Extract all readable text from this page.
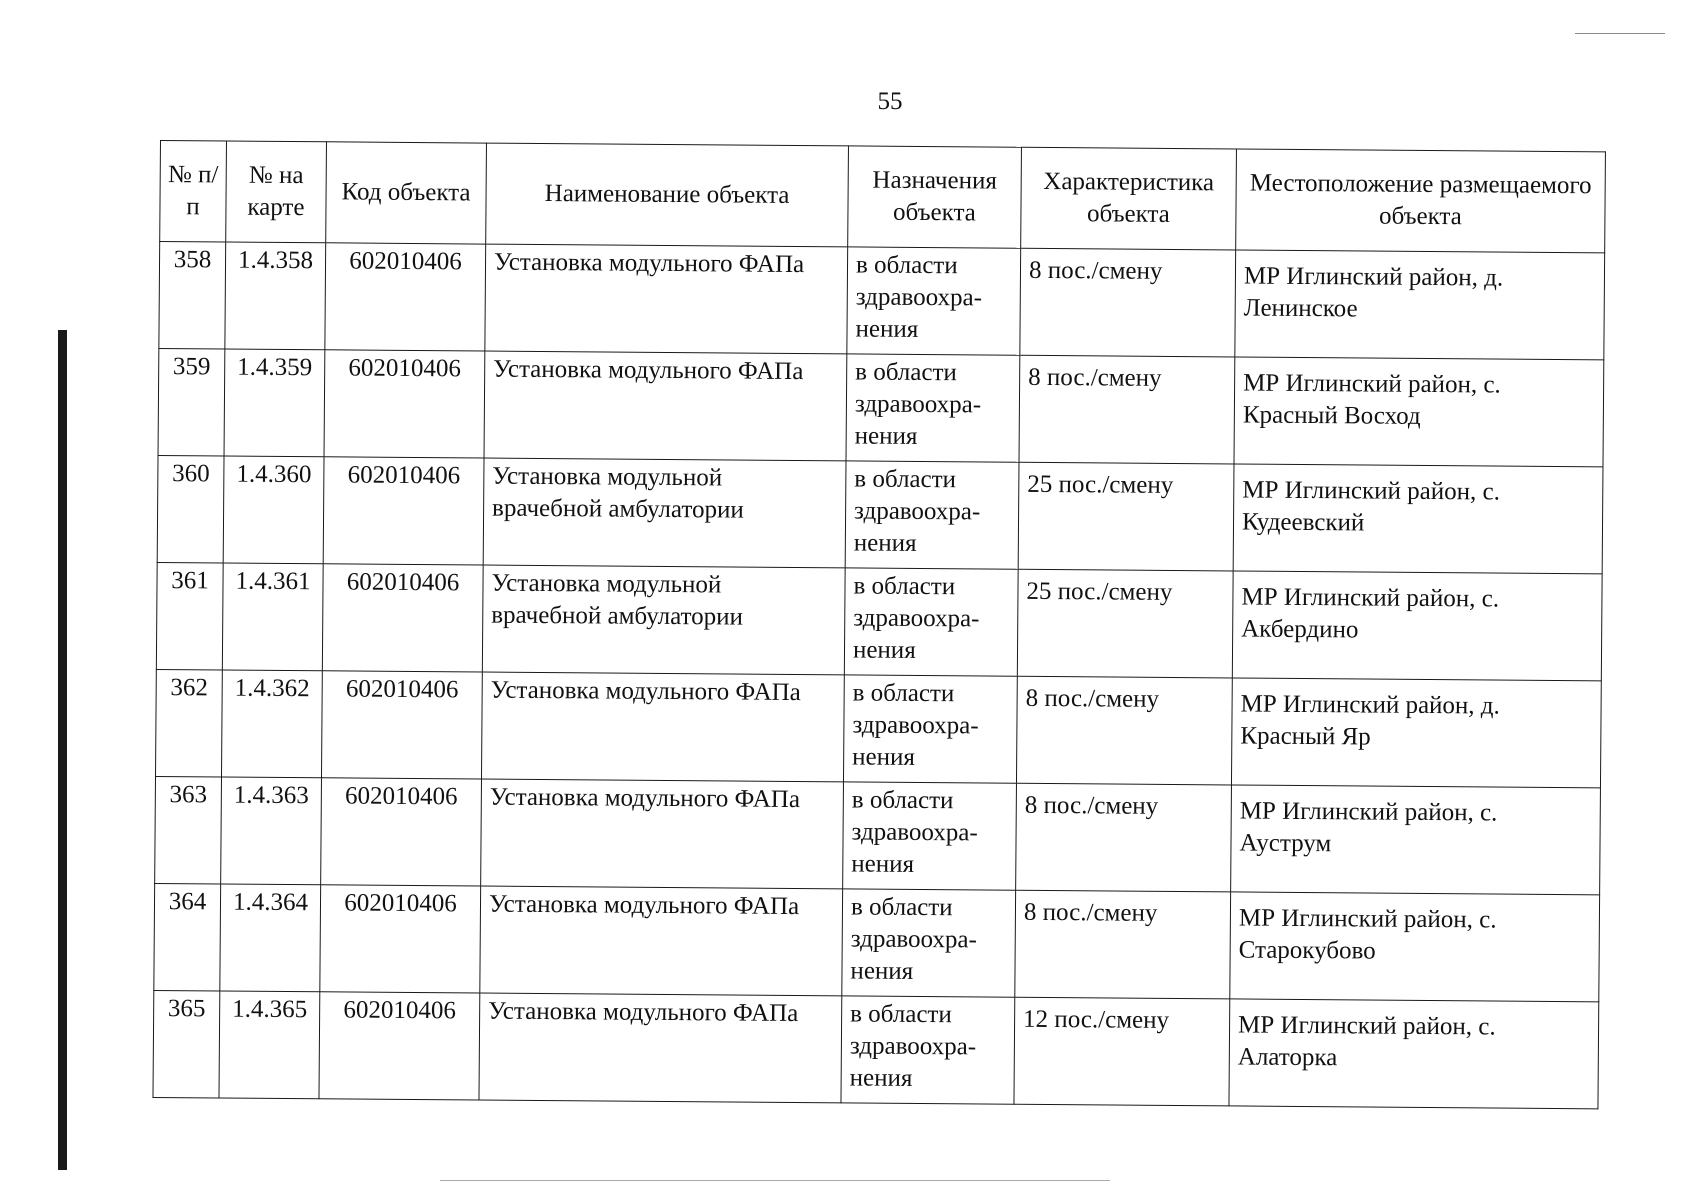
55
№ п/п	№ на карте	Код объекта	Наименование объекта	Назначения объекта	Характеристика объекта	Местоположение размещаемого объекта
358	1.4.358	602010406	Установка модульного ФАПа	в области здравоохра-нения	8 пос./смену	МР Иглинский район, д. Ленинское
359	1.4.359	602010406	Установка модульного ФАПа	в области здравоохра-нения	8 пос./смену	МР Иглинский район, с. Красный Восход
360	1.4.360	602010406	Установка модульной врачебной амбулатории	в области здравоохра-нения	25 пос./смену	МР Иглинский район, с. Кудеевский
361	1.4.361	602010406	Установка модульной врачебной амбулатории	в области здравоохра-нения	25 пос./смену	МР Иглинский район, с. Акбердино
362	1.4.362	602010406	Установка модульного ФАПа	в области здравоохра-нения	8 пос./смену	МР Иглинский район, д. Красный Яр
363	1.4.363	602010406	Установка модульного ФАПа	в области здравоохра-нения	8 пос./смену	МР Иглинский район, с. Ауструм
364	1.4.364	602010406	Установка модульного ФАПа	в области здравоохра-нения	8 пос./смену	МР Иглинский район, с. Старокубово
365	1.4.365	602010406	Установка модульного ФАПа	в области здравоохра-нения	12 пос./смену	МР Иглинский район, с. Алаторка
